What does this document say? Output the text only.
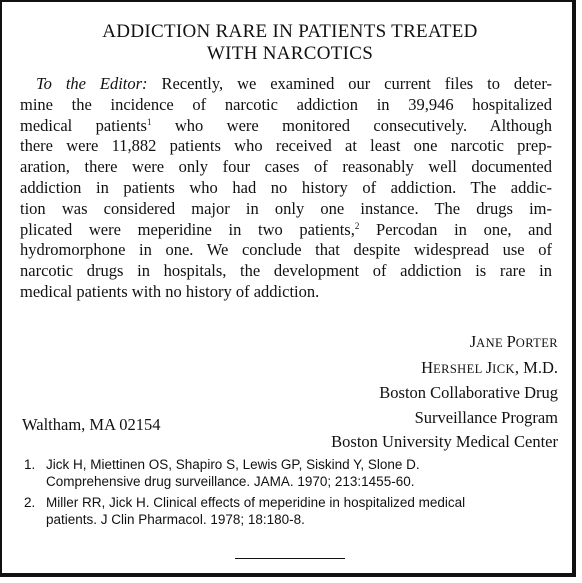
ADDICTION RARE IN PATIENTS TREATED
WITH NARCOTICS
To the Editor: Recently, we examined our current files to deter-
mine the incidence of narcotic addiction in 39,946 hospitalized
medical patients$^1$ who were monitored consecutively. Although
there were 11,882 patients who received at least one narcotic prep-
aration, there were only four cases of reasonably well documented
addiction in patients who had no history of addiction. The addic-
tion was considered major in only one instance. The drugs im-
plicated were meperidine in two patients,$^2$ Percodan in one, and
hydromorphone in one. We conclude that despite widespread use of
narcotic drugs in hospitals, the development of addiction is rare in
medical patients with no history of addiction.
JANE PORTER
HERSHEL JICK, M.D.
Boston Collaborative Drug
Surveillance Program
Boston University Medical Center
Waltham, MA 02154
1. Jick H, Miettinen OS, Shapiro S, Lewis GP, Siskind Y, Slone D.
Comprehensive drug surveillance. JAMA. 1970; 213:1455-60.
2. Miller RR, Jick H. Clinical effects of meperidine in hospitalized medical
patients. J Clin Pharmacol. 1978; 18:180-8.
